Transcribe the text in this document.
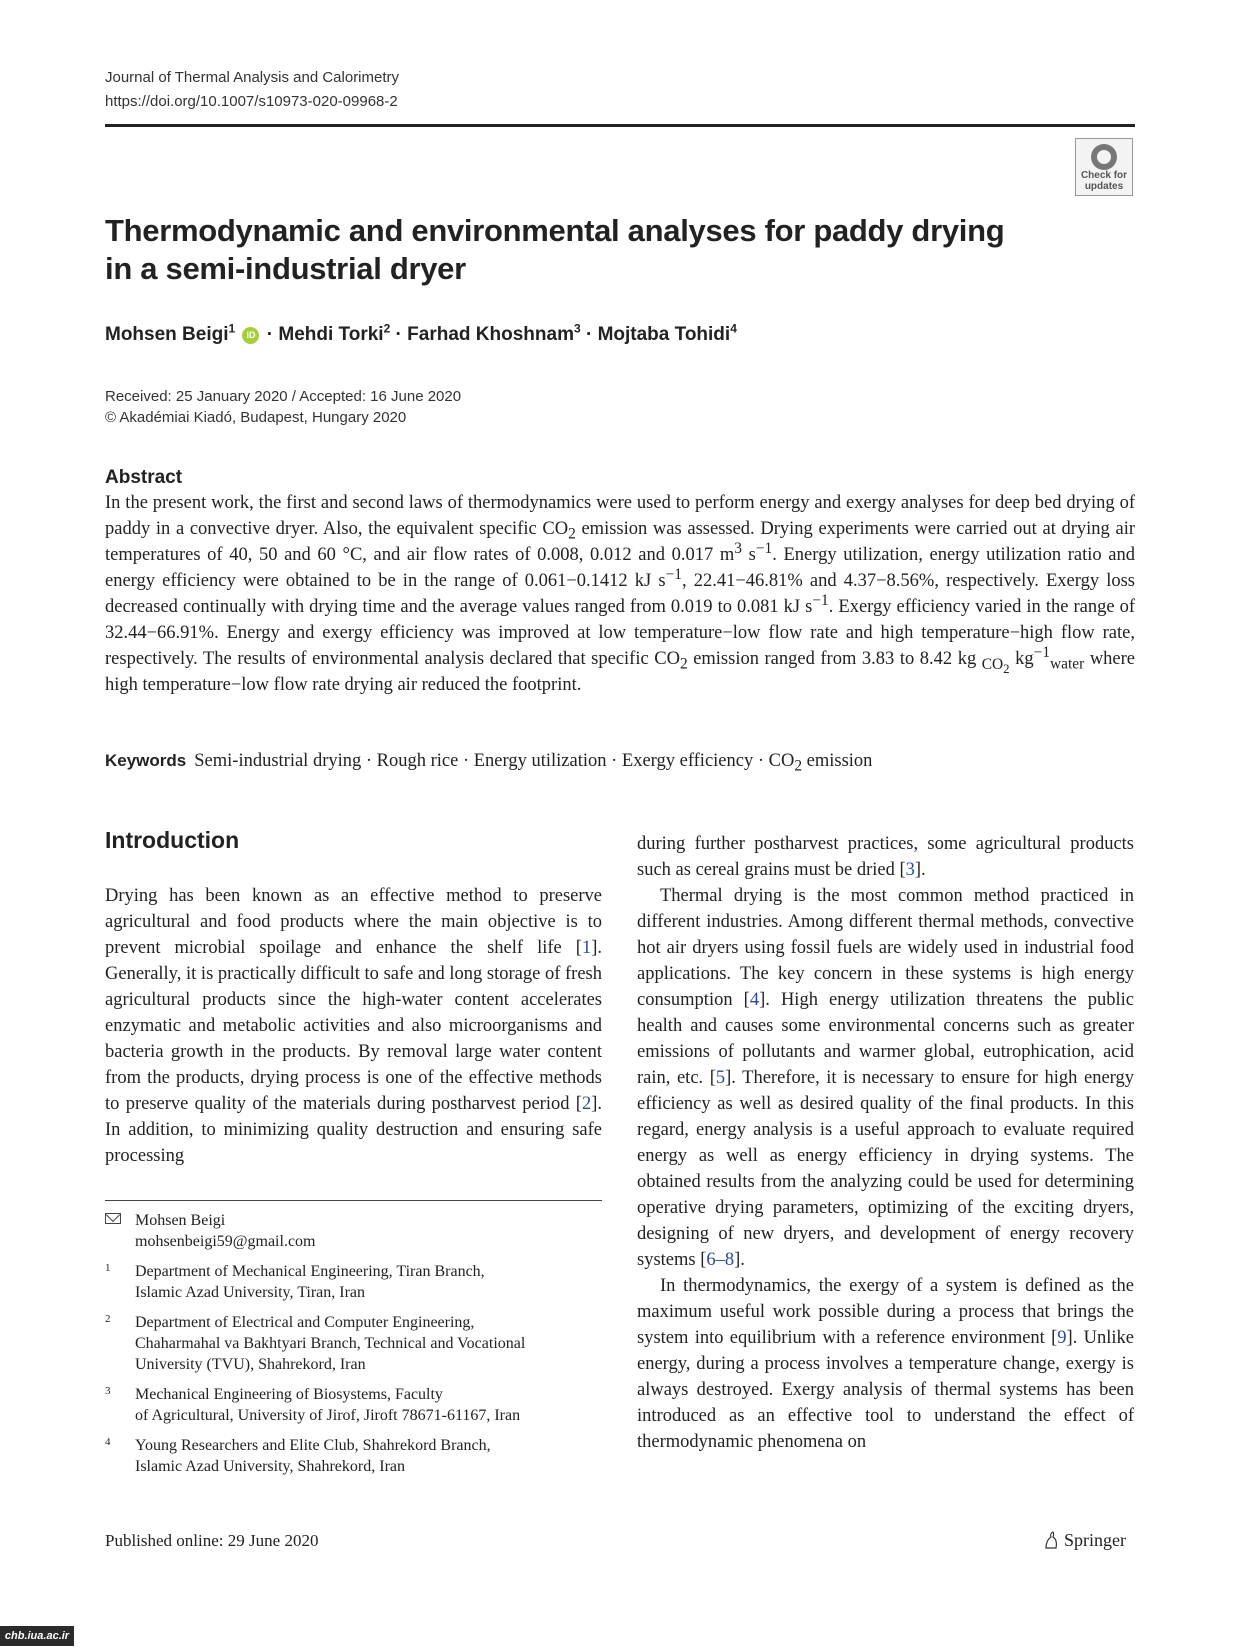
Journal of Thermal Analysis and Calorimetry
https://doi.org/10.1007/s10973-020-09968-2
Check for
updates
Thermodynamic and environmental analyses for paddy drying
in a semi-industrial dryer
Mohsen Beigi$^1$ iD · Mehdi Torki$^2$ · Farhad Khoshnam$^3$ · Mojtaba Tohidi$^4$
Received: 25 January 2020 / Accepted: 16 June 2020
© Akadémiai Kiadó, Budapest, Hungary 2020
Abstract
In the present work, the first and second laws of thermodynamics were used to perform energy and exergy analyses for deep bed drying of paddy in a convective dryer. Also, the equivalent specific $CO_2$ emission was assessed. Drying experiments were carried out at drying air temperatures of 40, 50 and 60 °C, and air flow rates of 0.008, 0.012 and 0.017 $m^3$ $s^{-1}$. Energy utilization, energy utilization ratio and energy efficiency were obtained to be in the range of 0.061−0.1412 kJ $s^{-1}$, 22.41−46.81% and 4.37−8.56%, respectively. Exergy loss decreased continually with drying time and the average values ranged from 0.019 to 0.081 kJ $s^{-1}$. Exergy efficiency varied in the range of 32.44−66.91%. Energy and exergy efficiency was improved at low temperature−low flow rate and high temperature−high flow rate, respectively. The results of environmental analysis declared that specific $CO_2$ emission ranged from 3.83 to 8.42 kg $_{CO_2}$ $kg^{-1}_{water}$ where high temperature−low flow rate drying air reduced the footprint.
Keywords Semi-industrial drying · Rough rice · Energy utilization · Exergy efficiency · $CO_2$ emission
Introduction

Drying has been known as an effective method to preserve agricultural and food products where the main objective is to prevent microbial spoilage and enhance the shelf life [1]. Generally, it is practically difficult to safe and long storage of fresh agricultural products since the high-water content accelerates enzymatic and metabolic activities and also microorganisms and bacteria growth in the products. By removal large water content from the products, drying process is one of the effective methods to preserve quality of the materials during postharvest period [2]. In addition, to minimizing quality destruction and ensuring safe processing

during further postharvest practices, some agricultural products such as cereal grains must be dried [3].

Thermal drying is the most common method practiced in different industries. Among different thermal methods, convective hot air dryers using fossil fuels are widely used in industrial food applications. The key concern in these systems is high energy consumption [4]. High energy utilization threatens the public health and causes some environmental concerns such as greater emissions of pollutants and warmer global, eutrophication, acid rain, etc. [5]. Therefore, it is necessary to ensure for high energy efficiency as well as desired quality of the final products. In this regard, energy analysis is a useful approach to evaluate required energy as well as energy efficiency in drying systems. The obtained results from the analyzing could be used for determining operative drying parameters, optimizing of the exciting dryers, designing of new dryers, and development of energy recovery systems [6–8].

In thermodynamics, the exergy of a system is defined as the maximum useful work possible during a process that brings the system into equilibrium with a reference environment [9]. Unlike energy, during a process involves a temperature change, exergy is always destroyed. Exergy analysis of thermal systems has been introduced as an effective tool to understand the effect of thermodynamic phenomena on

Mohsen Beigi
mohsenbeigi59@gmail.com
1 Department of Mechanical Engineering, Tiran Branch,
Islamic Azad University, Tiran, Iran
2 Department of Electrical and Computer Engineering,
Chaharmahal va Bakhtyari Branch, Technical and Vocational
University (TVU), Shahrekord, Iran
3 Mechanical Engineering of Biosystems, Faculty
of Agricultural, University of Jirof, Jiroft 78671-61167, Iran
4 Young Researchers and Elite Club, Shahrekord Branch,
Islamic Azad University, Shahrekord, Iran
Published online: 29 June 2020	Springer
chb.iua.ac.ir
